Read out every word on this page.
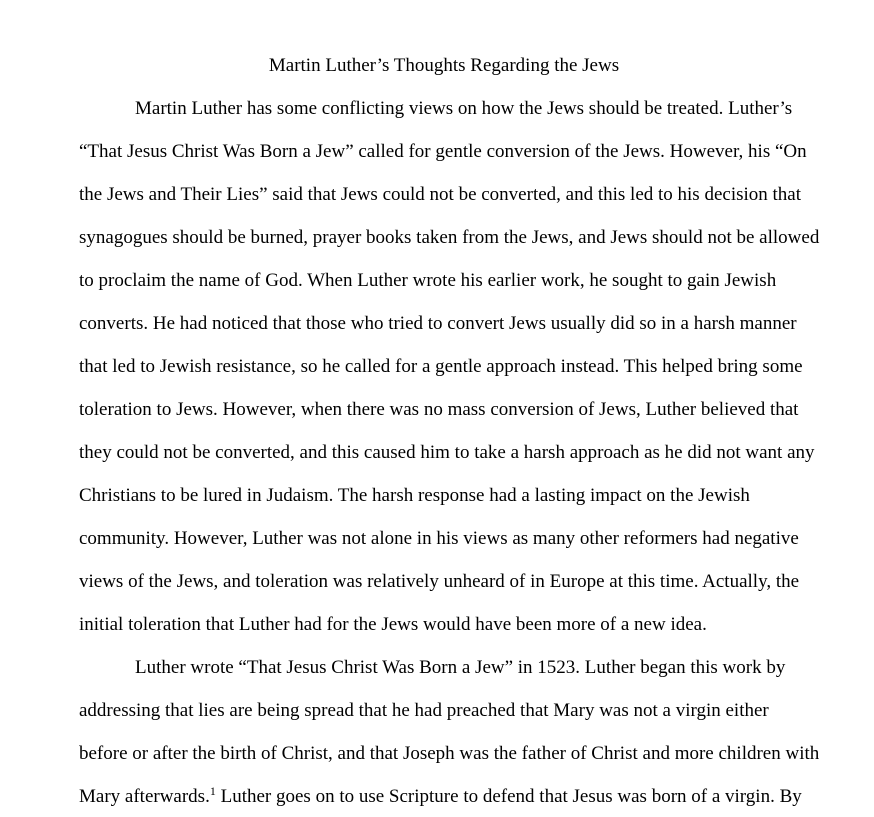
Martin Luther’s Thoughts Regarding the Jews
Martin Luther has some conflicting views on how the Jews should be treated. Luther’s
“That Jesus Christ Was Born a Jew” called for gentle conversion of the Jews. However, his “On
the Jews and Their Lies” said that Jews could not be converted, and this led to his decision that
synagogues should be burned, prayer books taken from the Jews, and Jews should not be allowed
to proclaim the name of God. When Luther wrote his earlier work, he sought to gain Jewish
converts. He had noticed that those who tried to convert Jews usually did so in a harsh manner
that led to Jewish resistance, so he called for a gentle approach instead. This helped bring some
toleration to Jews. However, when there was no mass conversion of Jews, Luther believed that
they could not be converted, and this caused him to take a harsh approach as he did not want any
Christians to be lured in Judaism. The harsh response had a lasting impact on the Jewish
community. However, Luther was not alone in his views as many other reformers had negative
views of the Jews, and toleration was relatively unheard of in Europe at this time. Actually, the
initial toleration that Luther had for the Jews would have been more of a new idea.
Luther wrote “That Jesus Christ Was Born a Jew” in 1523. Luther began this work by
addressing that lies are being spread that he had preached that Mary was not a virgin either
before or after the birth of Christ, and that Joseph was the father of Christ and more children with
Mary afterwards.$^1$ Luther goes on to use Scripture to defend that Jesus was born of a virgin. By
